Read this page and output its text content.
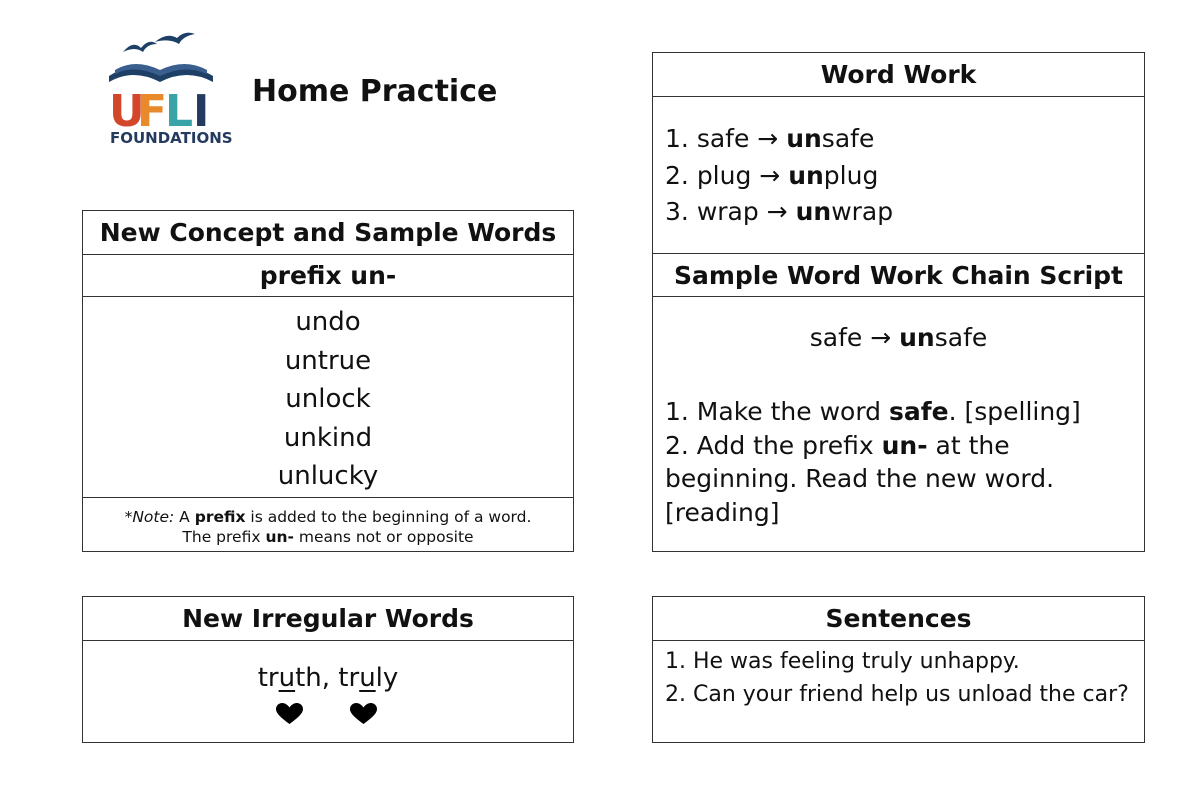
U
F
L I
FOUNDATIONS
Home Practice
New Concept and Sample Words
prefix un-
undo
untrue
unlock
unkind
unlucky
*Note: A prefix is added to the beginning of a word.
The prefix un- means not or opposite
New Irregular Words
truth, truly
Word Work
1. safe → unsafe
2. plug → unplug
3. wrap → unwrap
Sample Word Work Chain Script
safe → unsafe
1. Make the word safe. [spelling]
2. Add the prefix un- at the beginning. Read the new word. [reading]
Sentences
1. He was feeling truly unhappy.
2. Can your friend help us unload the car?
